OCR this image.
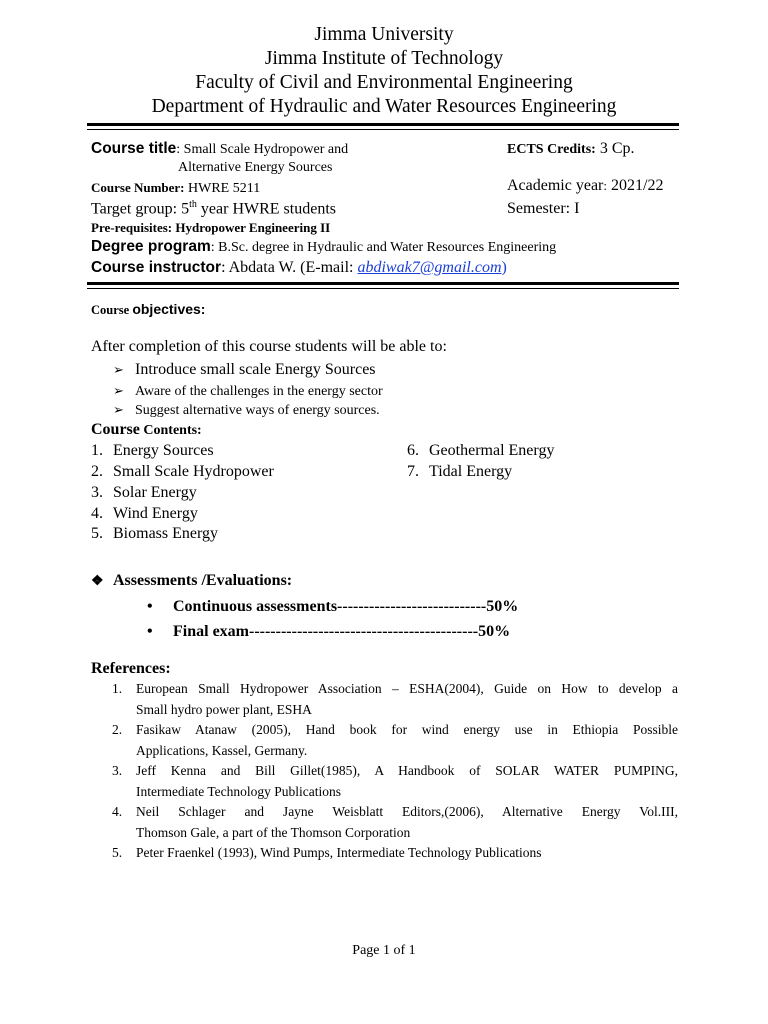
Jimma University
Jimma Institute of Technology
Faculty of Civil and Environmental Engineering
Department of Hydraulic and Water Resources Engineering
Course title: Small Scale Hydropower and
Alternative Energy Sources
ECTS Credits: 3 Cp.
Course Number: HWRE 5211	Academic year: 2021/22
Target group: 5th year HWRE students	Semester: I
Pre-requisites: Hydropower Engineering II
Degree program: B.Sc. degree in Hydraulic and Water Resources Engineering
Course instructor: Abdata W. (E-mail: abdiwak7@gmail.com)
Course objectives:
After completion of this course students will be able to:
➢ Introduce small scale Energy Sources
➢ Aware of the challenges in the energy sector
➢ Suggest alternative ways of energy sources.
Course Contents:
1. Energy Sources
2. Small Scale Hydropower
3. Solar Energy
4. Wind Energy
5. Biomass Energy
6. Geothermal Energy
7. Tidal Energy
❖ Assessments /Evaluations:
• Continuous assessments----------------------------50%
• Final exam-------------------------------------------50%
References:
1.	European Small Hydropower Association – ESHA(2004), Guide on How to develop a
Small hydro power plant, ESHA
2.	Fasikaw Atanaw (2005), Hand book for wind energy use in Ethiopia Possible
Applications, Kassel, Germany.
3.	Jeff Kenna and Bill Gillet(1985), A Handbook of SOLAR WATER PUMPING,
Intermediate Technology Publications
4.	Neil Schlager and Jayne Weisblatt Editors,(2006), Alternative Energy Vol.III,
Thomson Gale, a part of the Thomson Corporation
5.	Peter Fraenkel (1993), Wind Pumps, Intermediate Technology Publications
Page 1 of 1
